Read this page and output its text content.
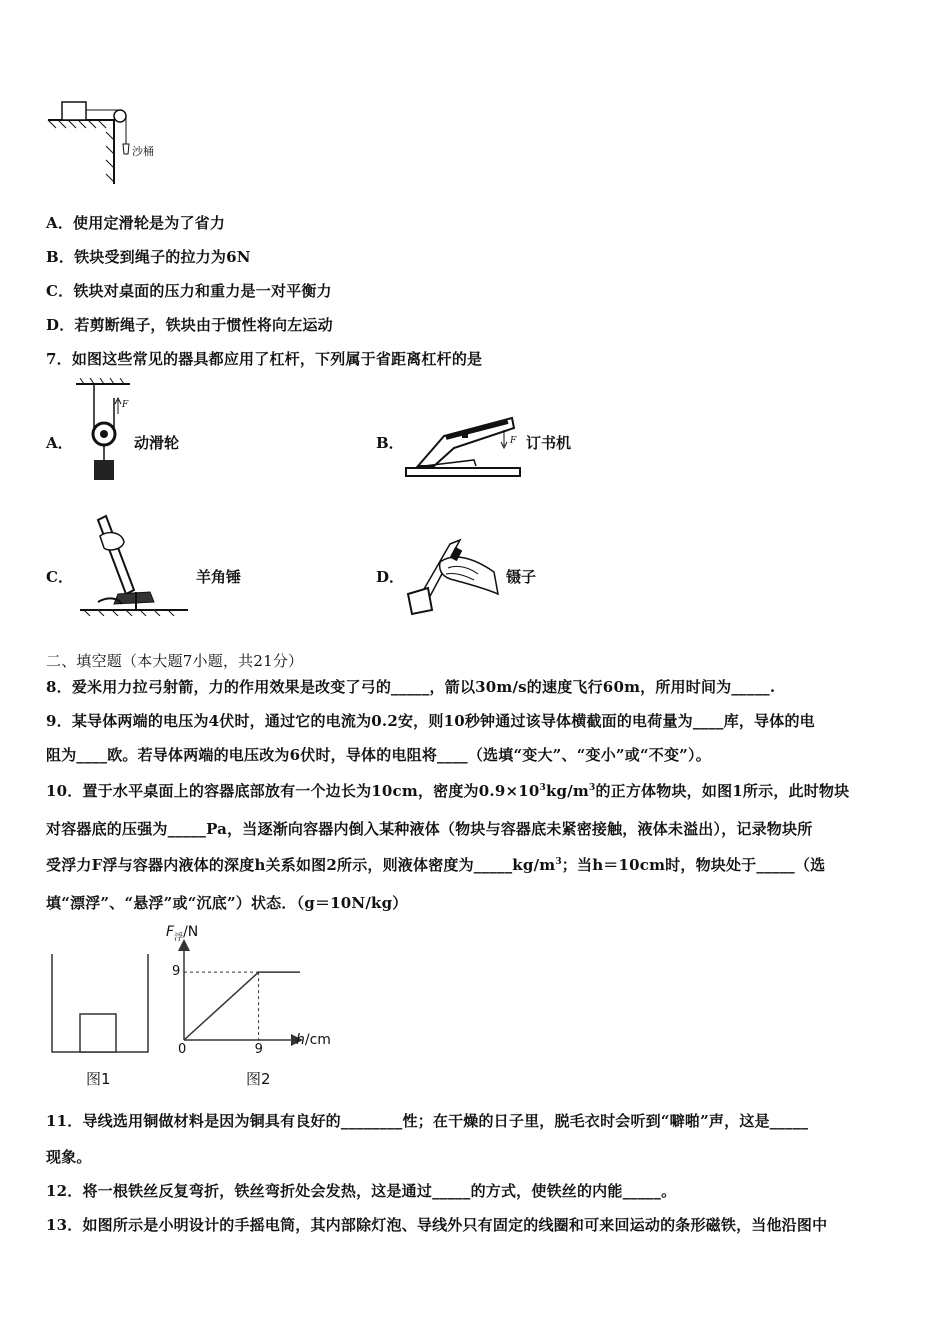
沙桶
A．使用定滑轮是为了省力
B．铁块受到绳子的拉力为6N
C．铁块对桌面的压力和重力是一对平衡力
D．若剪断绳子，铁块由于惯性将向左运动
7．如图这些常见的器具都应用了杠杆，下列属于省距离杠杆的是
A．
F
动滑轮	B．	F 订书机
C．	羊角锤	D．	镊子
二、填空题（本大题7小题，共21分）
8．爱米用力拉弓射箭，力的作用效果是改变了弓的_____，箭以30m/s的速度飞行60m，所用时间为_____.
9．某导体两端的电压为4伏时，通过它的电流为0.2安，则10秒钟通过该导体横截面的电荷量为____库，导体的电
阻为____欧。若导体两端的电压改为6伏时，导体的电阻将____（选填“变大”、“变小”或“不变”）。
10．置于水平桌面上的容器底部放有一个边长为10cm，密度为$0.9\times 10^3kg/m^3$的正方体物块，如图1所示，此时物块
对容器底的压强为_____Pa，当逐渐向容器内倒入某种液体（物块与容器底未紧密接触，液体未溢出），记录物块所
受浮力F浮与容器内液体的深度h关系如图2所示，则液体密度为$\_\_\_\_\_kg/m^3$；当h＝10cm时，物块处于_____（选
填“漂浮”、“悬浮”或“沉底”）状态．（g＝10N/kg）
图1
$F_浮/N$
h/cm
0	9
9
图2
11．导线选用铜做材料是因为铜具有良好的________性；在干燥的日子里，脱毛衣时会听到“噼啪”声，这是_____
现象。
12．将一根铁丝反复弯折，铁丝弯折处会发热，这是通过_____的方式，使铁丝的内能_____。
13．如图所示是小明设计的手摇电筒，其内部除灯泡、导线外只有固定的线圈和可来回运动的条形磁铁，当他沿图中
